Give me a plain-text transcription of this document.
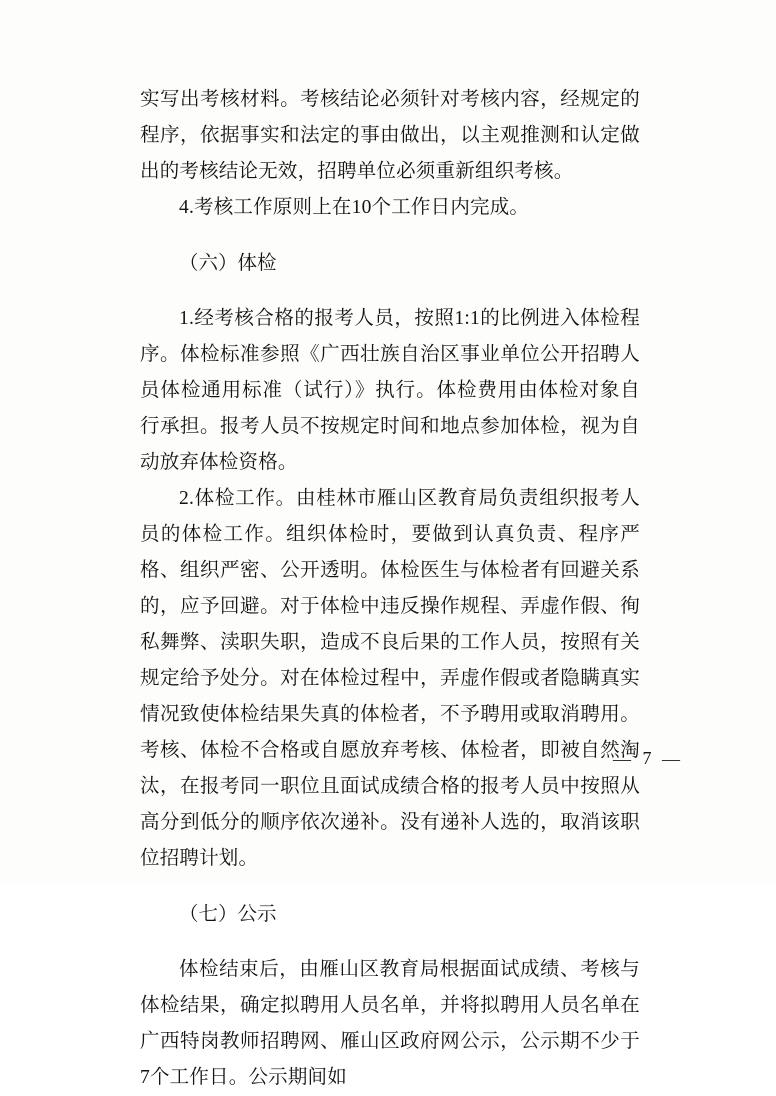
实写出考核材料。考核结论必须针对考核内容，经规定的程序，依据事实和法定的事由做出，以主观推测和认定做出的考核结论无效，招聘单位必须重新组织考核。

4.考核工作原则上在10个工作日内完成。

（六）体检

1.经考核合格的报考人员，按照1:1的比例进入体检程序。体检标准参照《广西壮族自治区事业单位公开招聘人员体检通用标准（试行）》执行。体检费用由体检对象自行承担。报考人员不按规定时间和地点参加体检，视为自动放弃体检资格。

2.体检工作。由桂林市雁山区教育局负责组织报考人员的体检工作。组织体检时，要做到认真负责、程序严格、组织严密、公开透明。体检医生与体检者有回避关系的，应予回避。对于体检中违反操作规程、弄虚作假、徇私舞弊、渎职失职，造成不良后果的工作人员，按照有关规定给予处分。对在体检过程中，弄虚作假或者隐瞒真实情况致使体检结果失真的体检者，不予聘用或取消聘用。考核、体检不合格或自愿放弃考核、体检者，即被自然淘汰，在报考同一职位且面试成绩合格的报考人员中按照从高分到低分的顺序依次递补。没有递补人选的，取消该职位招聘计划。

（七）公示

体检结束后，由雁山区教育局根据面试成绩、考核与体检结果，确定拟聘用人员名单，并将拟聘用人员名单在广西特岗教师招聘网、雁山区政府网公示，公示期不少于7个工作日。公示期间如

— 7 —
